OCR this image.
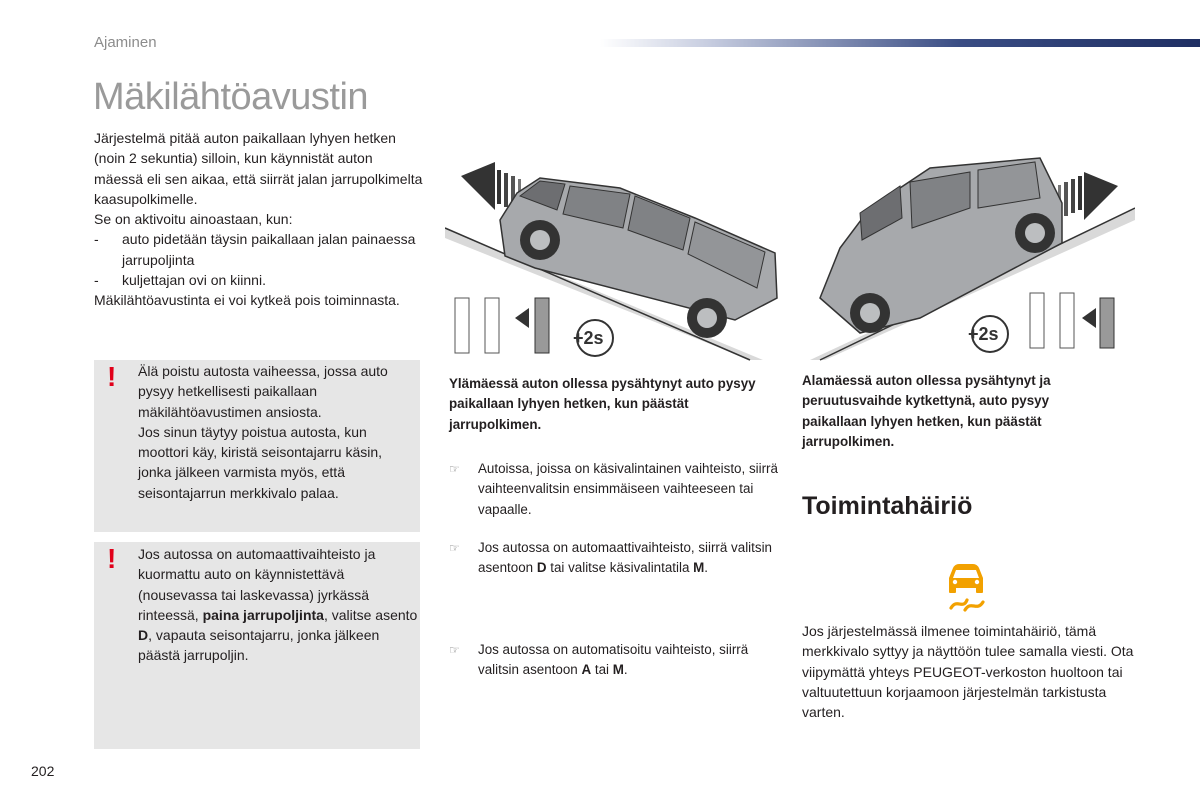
Ajaminen
Mäkilähtöavustin

Järjestelmä pitää auton paikallaan lyhyen hetken (noin 2 sekuntia) silloin, kun käynnistät auton mäessä eli sen aikaa, että siirrät jalan jarrupolkimelta kaasupolkimelle.

Se on aktivoitu ainoastaan, kun:

- auto pidetään täysin paikallaan jalan painaessa jarrupoljinta
- kuljettajan ovi on kiinni.

Mäkilähtöavustinta ei voi kytkeä pois toiminnasta.

! Älä poistu autosta vaiheessa, jossa auto pysyy hetkellisesti paikallaan mäkilähtöavustimen ansiosta.

Jos sinun täytyy poistua autosta, kun moottori käy, kiristä seisontajarru käsin, jonka jälkeen varmista myös, että seisontajarrun merkkivalo palaa.

! Jos autossa on automaattivaihteisto ja kuormattu auto on käynnistettävä (nousevassa tai laskevassa) jyrkässä rinteessä, paina jarrupoljinta, valitse asento D, vapauta seisontajarru, jonka jälkeen päästä jarrupoljin.
+2s	+2s
Ylämäessä auton ollessa pysähtynyt auto pysyy paikallaan lyhyen hetken, kun päästät jarrupolkimen.
Alamäessä auton ollessa pysähtynyt ja peruutusvaihde kytkettynä, auto pysyy paikallaan lyhyen hetken, kun päästät jarrupolkimen.
☞ Autoissa, joissa on käsivalintainen vaihteisto, siirrä vaihteenvalitsin ensimmäiseen vaihteeseen tai vapaalle.
☞ Jos autossa on automaattivaihteisto, siirrä valitsin asentoon D tai valitse käsivalintatila M.
☞ Jos autossa on automatisoitu vaihteisto, siirrä valitsin asentoon A tai M.
Toimintahäiriö
Jos järjestelmässä ilmenee toimintahäiriö, tämä merkkivalo syttyy ja näyttöön tulee samalla viesti. Ota viipymättä yhteys PEUGEOT-verkoston huoltoon tai valtuutettuun korjaamoon järjestelmän tarkistusta varten.
202
